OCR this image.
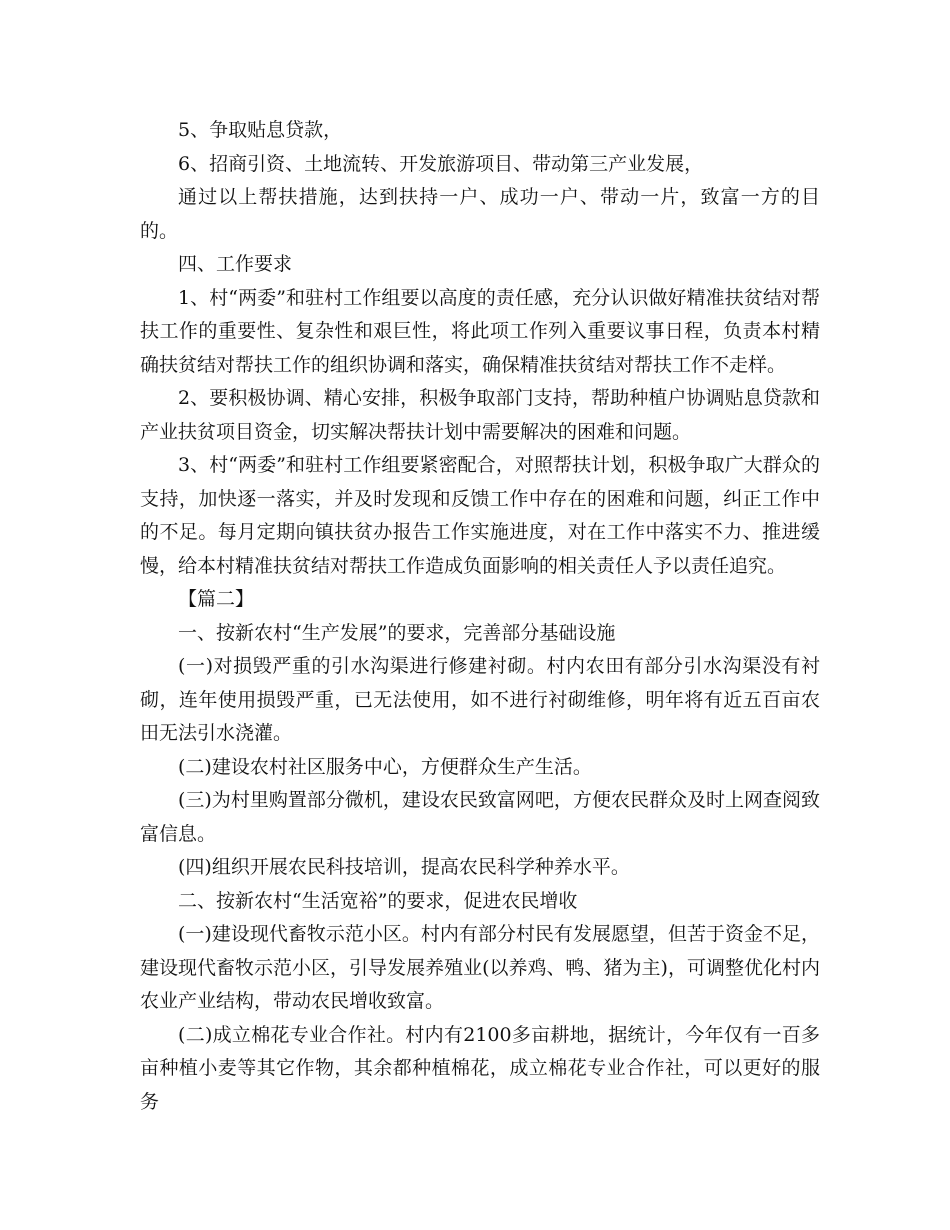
5、争取贴息贷款，

6、招商引资、土地流转、开发旅游项目、带动第三产业发展，

通过以上帮扶措施，达到扶持一户、成功一户、带动一片，致富一方的目的。

四、工作要求

1、村“两委”和驻村工作组要以高度的责任感，充分认识做好精准扶贫结对帮扶工作的重要性、复杂性和艰巨性，将此项工作列入重要议事日程，负责本村精确扶贫结对帮扶工作的组织协调和落实，确保精准扶贫结对帮扶工作不走样。

2、要积极协调、精心安排，积极争取部门支持，帮助种植户协调贴息贷款和产业扶贫项目资金，切实解决帮扶计划中需要解决的困难和问题。

3、村“两委”和驻村工作组要紧密配合，对照帮扶计划，积极争取广大群众的支持，加快逐一落实，并及时发现和反馈工作中存在的困难和问题，纠正工作中的不足。每月定期向镇扶贫办报告工作实施进度，对在工作中落实不力、推进缓慢，给本村精准扶贫结对帮扶工作造成负面影响的相关责任人予以责任追究。

【篇二】

一、按新农村“生产发展”的要求，完善部分基础设施

(一)对损毁严重的引水沟渠进行修建衬砌。村内农田有部分引水沟渠没有衬砌，连年使用损毁严重，已无法使用，如不进行衬砌维修，明年将有近五百亩农田无法引水浇灌。

(二)建设农村社区服务中心，方便群众生产生活。

(三)为村里购置部分微机，建设农民致富网吧，方便农民群众及时上网查阅致富信息。

(四)组织开展农民科技培训，提高农民科学种养水平。

二、按新农村“生活宽裕”的要求，促进农民增收

(一)建设现代畜牧示范小区。村内有部分村民有发展愿望，但苦于资金不足，建设现代畜牧示范小区，引导发展养殖业(以养鸡、鸭、猪为主)，可调整优化村内农业产业结构，带动农民增收致富。

(二)成立棉花专业合作社。村内有2100多亩耕地，据统计，今年仅有一百多亩种植小麦等其它作物，其余都种植棉花，成立棉花专业合作社，可以更好的服务
